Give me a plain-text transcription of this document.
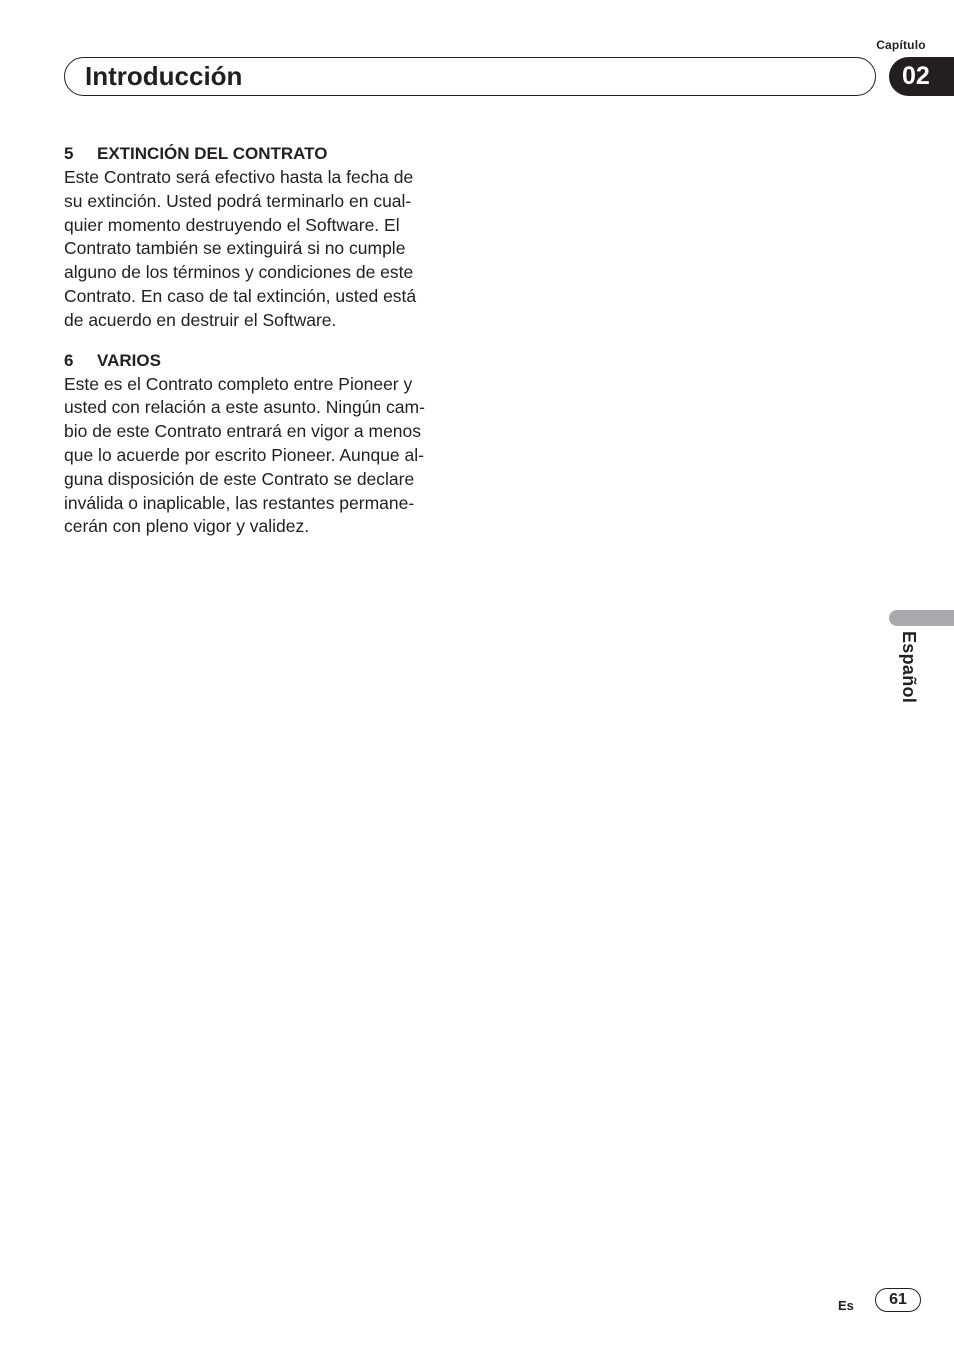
Capítulo
Introducción	02
5	EXTINCIÓN DEL CONTRATO

Este Contrato será efectivo hasta la fecha de
su extinción. Usted podrá terminarlo en cual-
quier momento destruyendo el Software. El
Contrato también se extinguirá si no cumple
alguno de los términos y condiciones de este
Contrato. En caso de tal extinción, usted está
de acuerdo en destruir el Software.

6	VARIOS

Este es el Contrato completo entre Pioneer y
usted con relación a este asunto. Ningún cam-
bio de este Contrato entrará en vigor a menos
que lo acuerde por escrito Pioneer. Aunque al-
guna disposición de este Contrato se declare
inválida o inaplicable, las restantes permane-
cerán con pleno vigor y validez.

Español
Es	61
